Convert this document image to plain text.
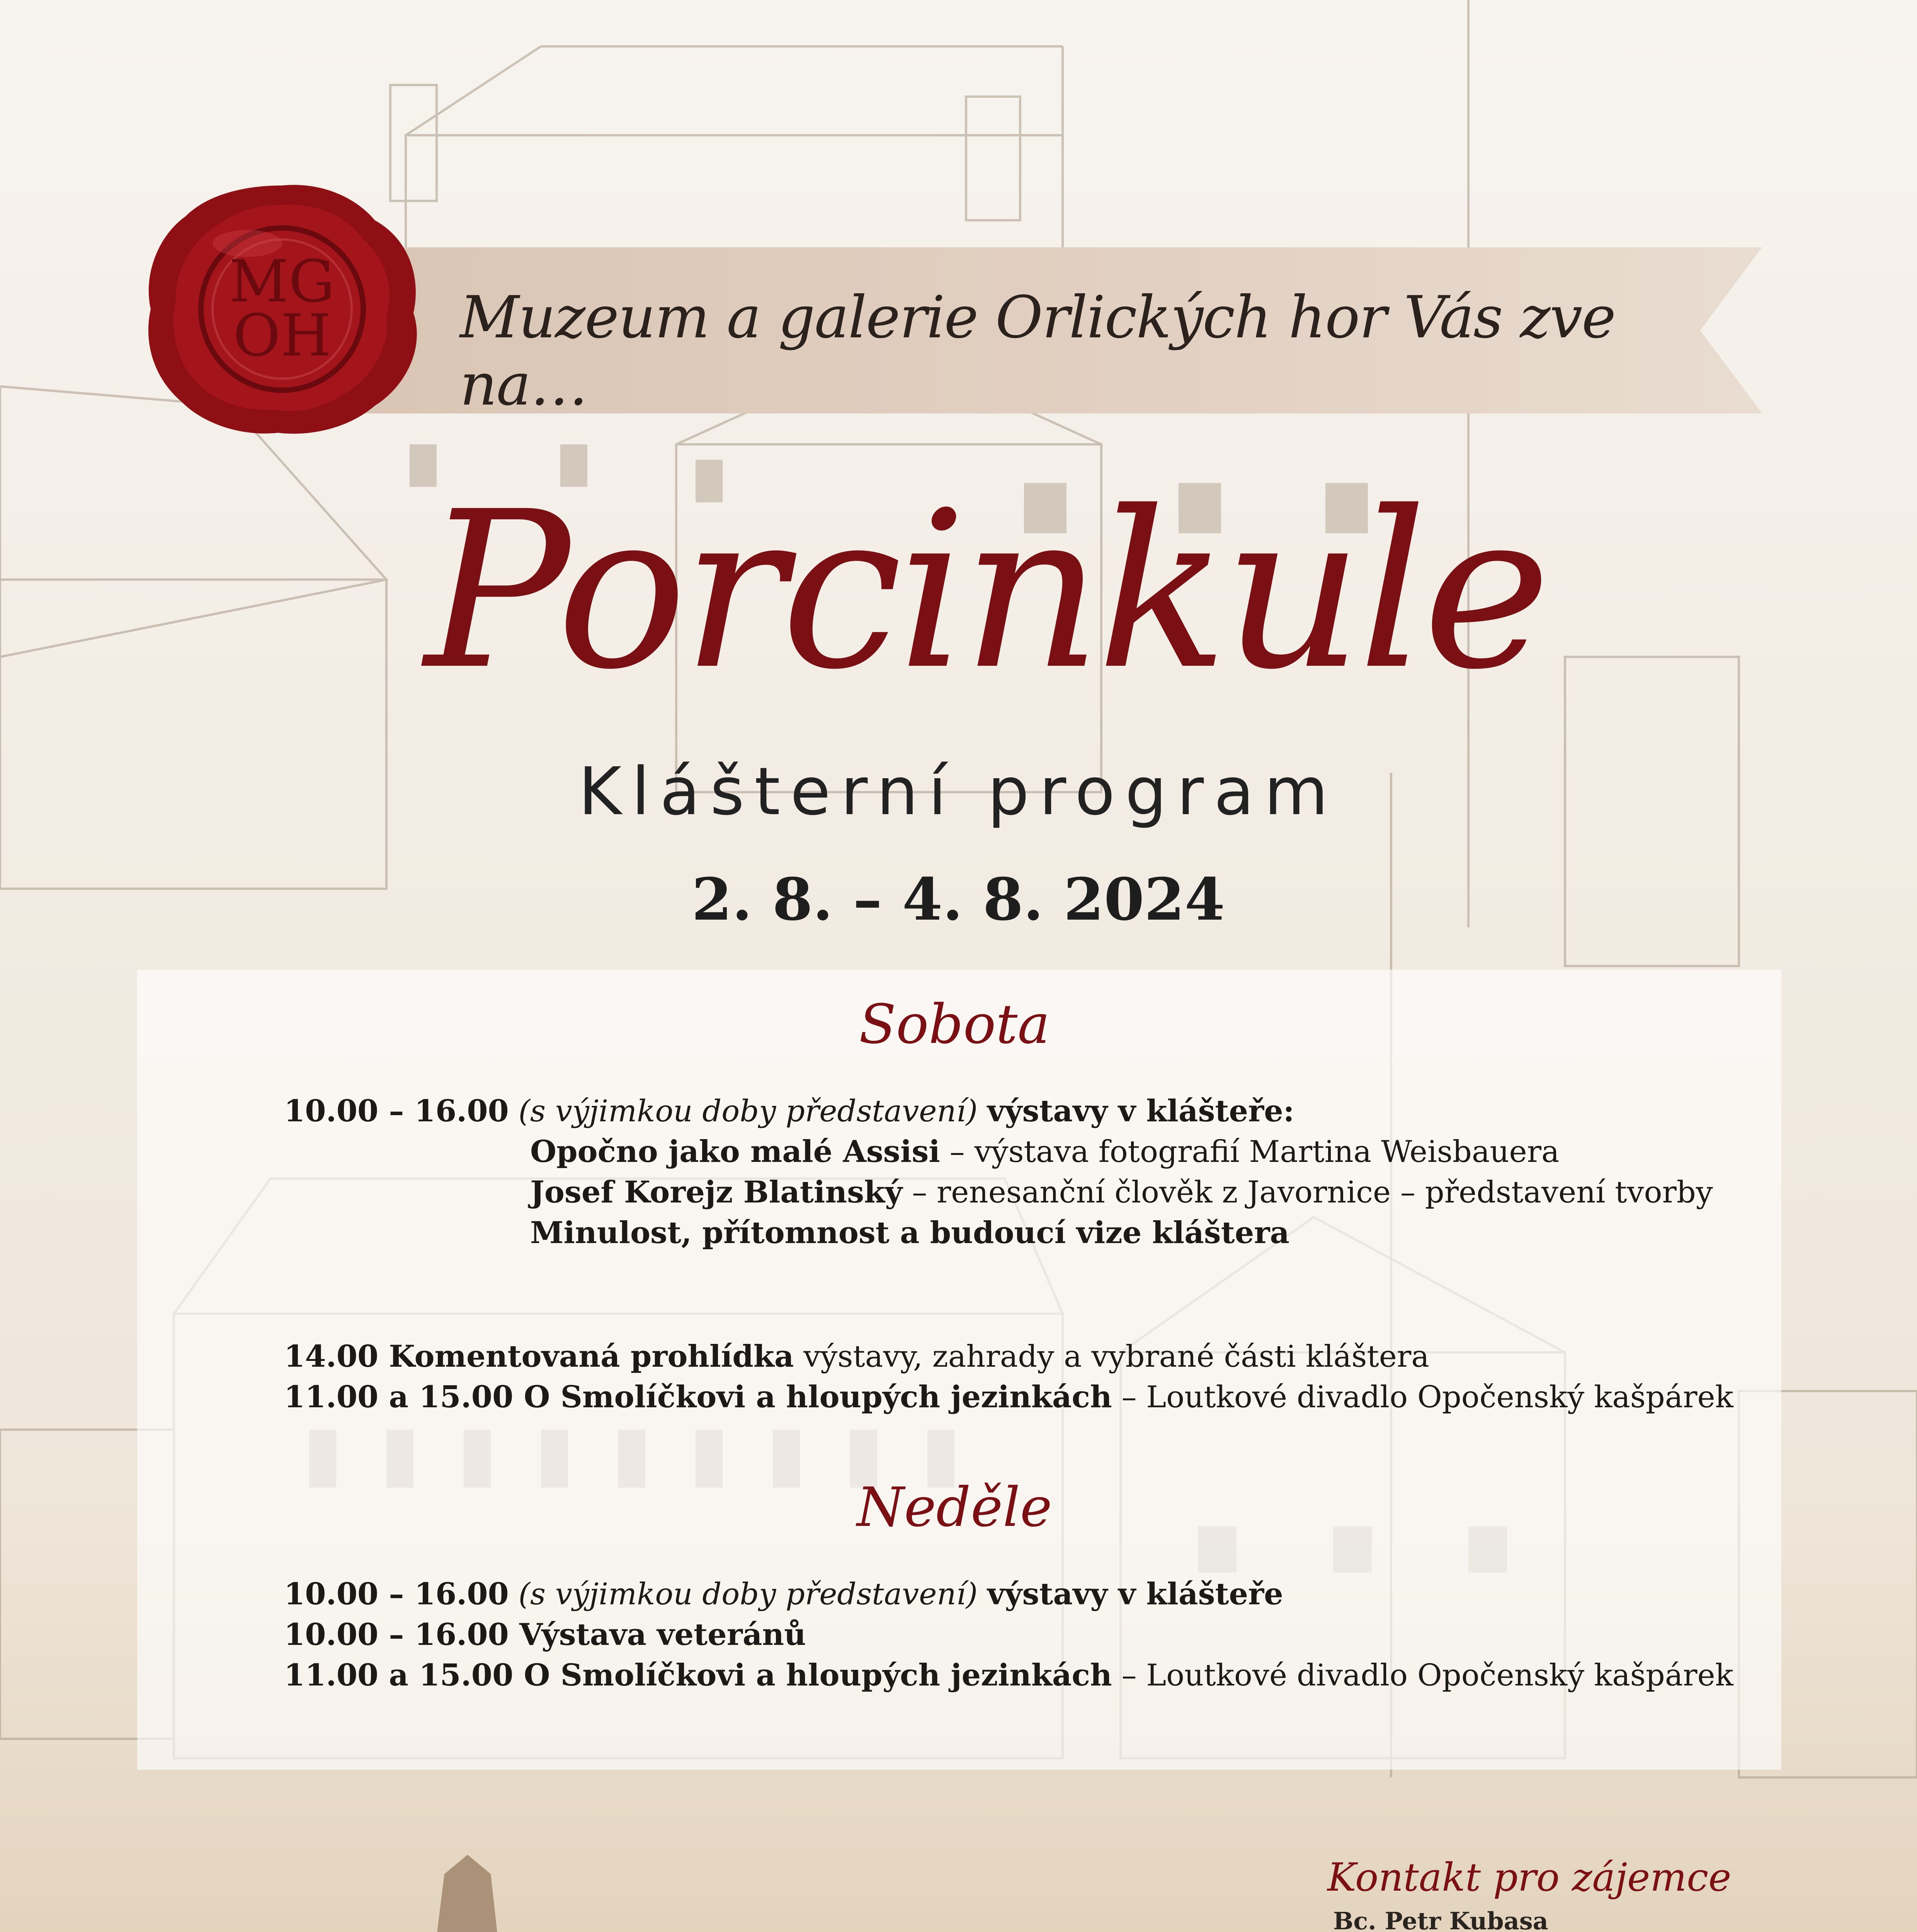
Muzeum a galerie Orlických hor Vás zve na…
MG
OH
Porcinkule
Klášterní program
2. 8. – 4. 8. 2024
Sobota
10.00 – 16.00 (s výjimkou doby představení) výstavy v klášteře:
Opočno jako malé Assisi – výstava fotografií Martina Weisbauera
Josef Korejz Blatinský – renesanční člověk z Javornice – představení tvorby
Minulost, přítomnost a budoucí vize kláštera
14.00 Komentovaná prohlídka výstavy, zahrady a vybrané části kláštera
11.00 a 15.00 O Smolíčkovi a hloupých jezinkách – Loutkové divadlo Opočenský kašpárek
Neděle
10.00 – 16.00 (s výjimkou doby představení) výstavy v klášteře
10.00 – 16.00 Výstava veteránů
11.00 a 15.00 O Smolíčkovi a hloupých jezinkách – Loutkové divadlo Opočenský kašpárek
Kontakt pro zájemce
Bc. Petr Kubasa
